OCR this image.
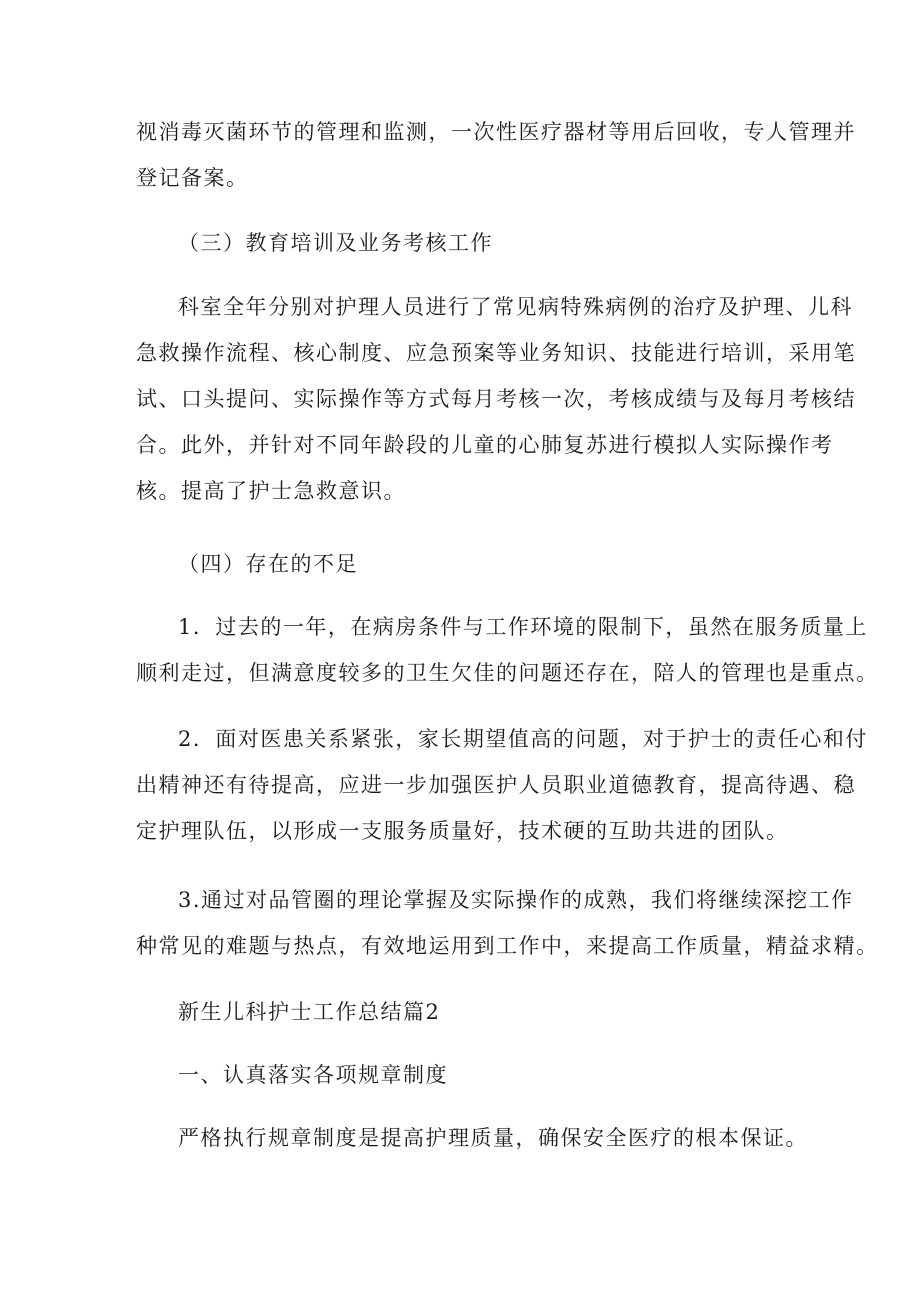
视消毒灭菌环节的管理和监测，一次性医疗器材等用后回收，专人管理并
登记备案。

（三）教育培训及业务考核工作

科室全年分别对护理人员进行了常见病特殊病例的治疗及护理、儿科
急救操作流程、核心制度、应急预案等业务知识、技能进行培训，采用笔
试、口头提问、实际操作等方式每月考核一次，考核成绩与及每月考核结
合。此外，并针对不同年龄段的儿童的心肺复苏进行模拟人实际操作考
核。提高了护士急救意识。

（四）存在的不足

1．过去的一年，在病房条件与工作环境的限制下，虽然在服务质量上
顺利走过，但满意度较多的卫生欠佳的问题还存在，陪人的管理也是重点。

2．面对医患关系紧张，家长期望值高的问题，对于护士的责任心和付
出精神还有待提高，应进一步加强医护人员职业道德教育，提高待遇、稳
定护理队伍，以形成一支服务质量好，技术硬的互助共进的团队。

3.通过对品管圈的理论掌握及实际操作的成熟，我们将继续深挖工作
种常见的难题与热点，有效地运用到工作中，来提高工作质量，精益求精。

新生儿科护士工作总结篇2

一、认真落实各项规章制度

严格执行规章制度是提高护理质量，确保安全医疗的根本保证。
